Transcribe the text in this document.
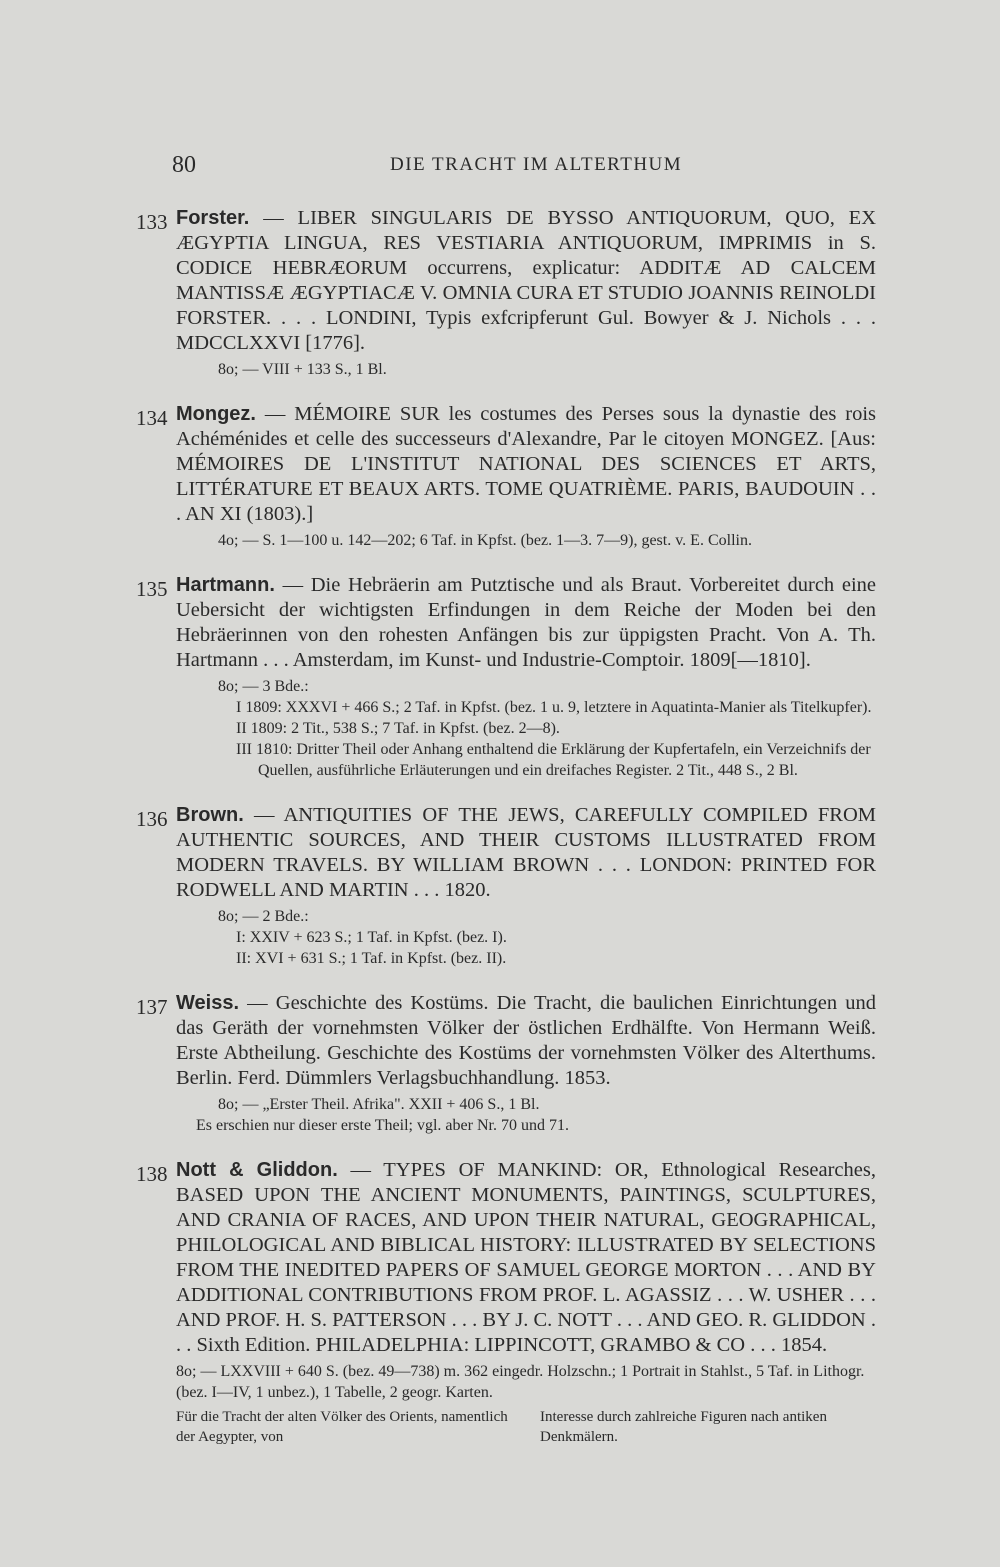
80	DIE TRACHT IM ALTERTHUM
133 Forster. — LIBER SINGULARIS DE BYSSO ANTIQUORUM, QUO, EX ÆGYPTIA LINGUA, RES VESTIARIA ANTIQUORUM, IMPRIMIS in S. CODICE HEBRÆORUM occurrens, explicatur: ADDITÆ AD CALCEM MANTISSÆ ÆGYPTIACÆ V. OMNIA CURA ET STUDIO JOANNIS REINOLDI FORSTER. . . . LONDINI, Typis exfcripferunt Gul. Bowyer & J. Nichols . . . MDCCLXXVI [1776].
8o; — VIII + 133 S., 1 Bl.
134 Mongez. — MÉMOIRE SUR les costumes des Perses sous la dynastie des rois Achéménides et celle des successeurs d'Alexandre, Par le citoyen MONGEZ. [Aus: MÉMOIRES DE L'INSTITUT NATIONAL DES SCIENCES ET ARTS, LITTÉRATURE ET BEAUX ARTS. TOME QUATRIÈME. PARIS, BAUDOUIN . . . AN XI (1803).]
4o; — S. 1—100 u. 142—202; 6 Taf. in Kpfst. (bez. 1—3. 7—9), gest. v. E. Collin.
135 Hartmann. — Die Hebräerin am Putztische und als Braut. Vorbereitet durch eine Uebersicht der wichtigsten Erfindungen in dem Reiche der Moden bei den Hebräerinnen von den rohesten Anfängen bis zur üppigsten Pracht. Von A. Th. Hartmann . . . Amsterdam, im Kunst- und Industrie-Comptoir. 1809[—1810].
8o; — 3 Bde.:
I 1809: XXXVI + 466 S.; 2 Taf. in Kpfst. (bez. 1 u. 9, letztere in Aquatinta-Manier als Titelkupfer).
II 1809: 2 Tit., 538 S.; 7 Taf. in Kpfst. (bez. 2—8).
III 1810: Dritter Theil oder Anhang enthaltend die Erklärung der Kupfertafeln, ein Verzeichnifs der Quellen, ausführliche Erläuterungen und ein dreifaches Register. 2 Tit., 448 S., 2 Bl.
136 Brown. — ANTIQUITIES OF THE JEWS, CAREFULLY COMPILED FROM AUTHENTIC SOURCES, AND THEIR CUSTOMS ILLUSTRATED FROM MODERN TRAVELS. BY WILLIAM BROWN . . . LONDON: PRINTED FOR RODWELL AND MARTIN . . . 1820.
8o; — 2 Bde.:
I: XXIV + 623 S.; 1 Taf. in Kpfst. (bez. I).
II: XVI + 631 S.; 1 Taf. in Kpfst. (bez. II).
137 Weiss. — Geschichte des Kostüms. Die Tracht, die baulichen Einrichtungen und das Geräth der vornehmsten Völker der östlichen Erdhälfte. Von Hermann Weiß. Erste Abtheilung. Geschichte des Kostüms der vornehmsten Völker des Alterthums. Berlin. Ferd. Dümmlers Verlagsbuchhandlung. 1853.
8o; — „Erster Theil. Afrika". XXII + 406 S., 1 Bl.
Es erschien nur dieser erste Theil; vgl. aber Nr. 70 und 71.
138 Nott & Gliddon. — TYPES OF MANKIND: OR, Ethnological Researches, BASED UPON THE ANCIENT MONUMENTS, PAINTINGS, SCULPTURES, AND CRANIA OF RACES, AND UPON THEIR NATURAL, GEOGRAPHICAL, PHILOLOGICAL AND BIBLICAL HISTORY: ILLUSTRATED BY SELECTIONS FROM THE INEDITED PAPERS OF SAMUEL GEORGE MORTON . . . AND BY ADDITIONAL CONTRIBUTIONS FROM PROF. L. AGASSIZ . . . W. USHER . . . AND PROF. H. S. PATTERSON . . . BY J. C. NOTT . . . AND GEO. R. GLIDDON . . . Sixth Edition. PHILADELPHIA: LIPPINCOTT, GRAMBO & CO . . . 1854.
8o; — LXXVIII + 640 S. (bez. 49—738) m. 362 eingedr. Holzschn.; 1 Portrait in Stahlst., 5 Taf. in Lithogr. (bez. I—IV, 1 unbez.), 1 Tabelle, 2 geogr. Karten.
Für die Tracht der alten Völker des Orients, namentlich der Aegypter, von
Interesse durch zahlreiche Figuren nach antiken Denkmälern.
